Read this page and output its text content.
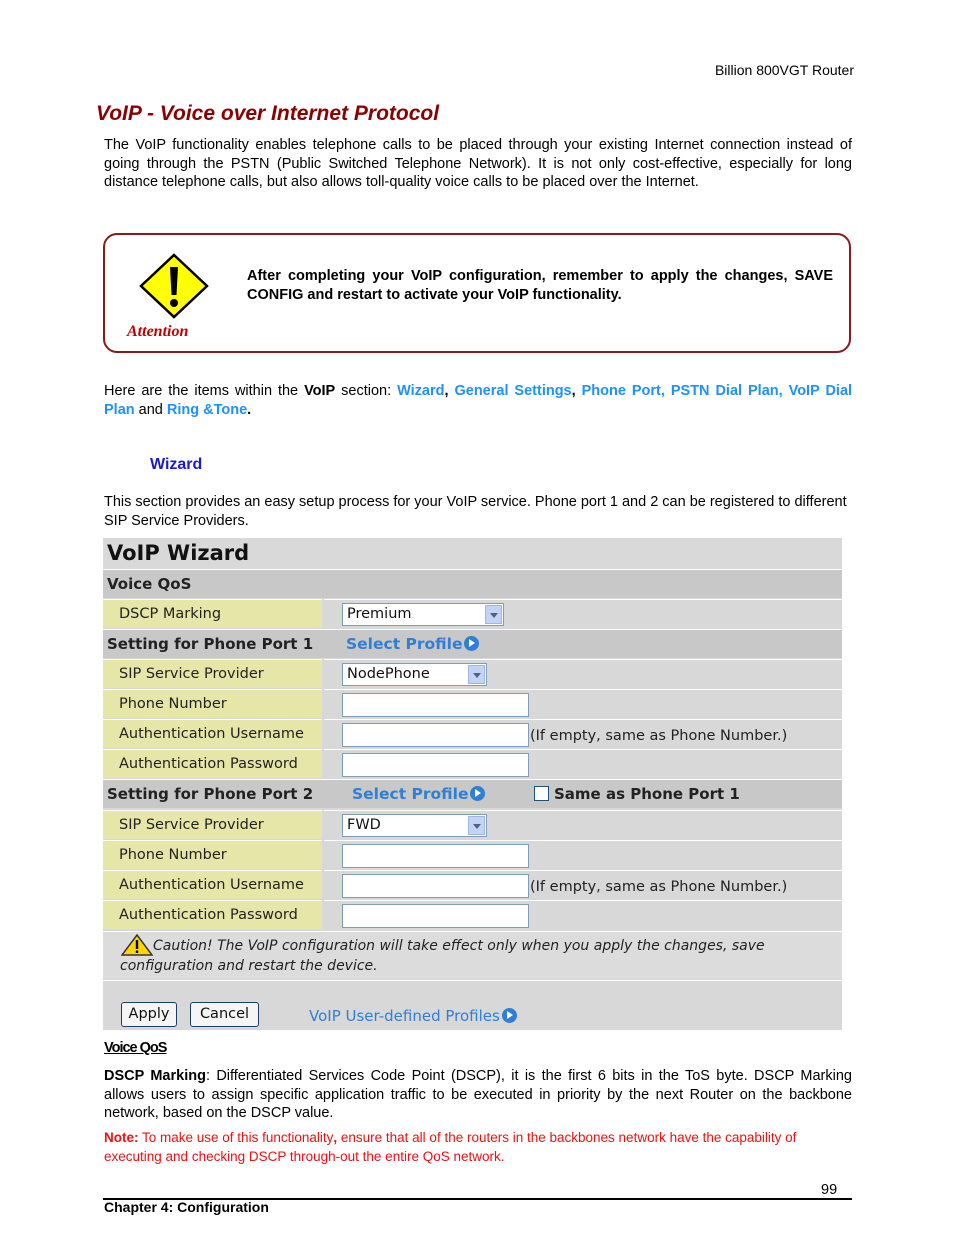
Billion 800VGT Router
VoIP - Voice over Internet Protocol

The VoIP functionality enables telephone calls to be placed through your existing Internet connection instead of going through the PSTN (Public Switched Telephone Network). It is not only cost-effective, especially for long distance telephone calls, but also allows toll-quality voice calls to be placed over the Internet.

Attention

After completing your VoIP configuration, remember to apply the changes, SAVE CONFIG and restart to activate your VoIP functionality.

Here are the items within the VoIP section: Wizard, General Settings, Phone Port, PSTN Dial Plan, VoIP Dial Plan and Ring &Tone.

Wizard

This section provides an easy setup process for your VoIP service. Phone port 1 and 2 can be registered to different SIP Service Providers.

VoIP Wizard
Voice QoS
DSCP Marking	Premium
Setting for Phone Port 1 Select Profile
SIP Service Provider	NodePhone
Phone Number
Authentication Username	(If empty, same as Phone Number.)
Authentication Password
Setting for Phone Port 2	Select Profile	Same as Phone Port 1
SIP Service Provider	FWD
Phone Number
Authentication Username	(If empty, same as Phone Number.)
Authentication Password

Caution! The VoIP configuration will take effect only when you apply the changes, save configuration and restart the device.

Apply	Cancel	VoIP User-defined Profiles
Voice QoS

DSCP Marking: Differentiated Services Code Point (DSCP), it is the first 6 bits in the ToS byte. DSCP Marking allows users to assign specific application traffic to be executed in priority by the next Router on the backbone network, based on the DSCP value.

Note: To make use of this functionality, ensure that all of the routers in the backbones network have the capability of executing and checking DSCP through-out the entire QoS network.

99
Chapter 4: Configuration
